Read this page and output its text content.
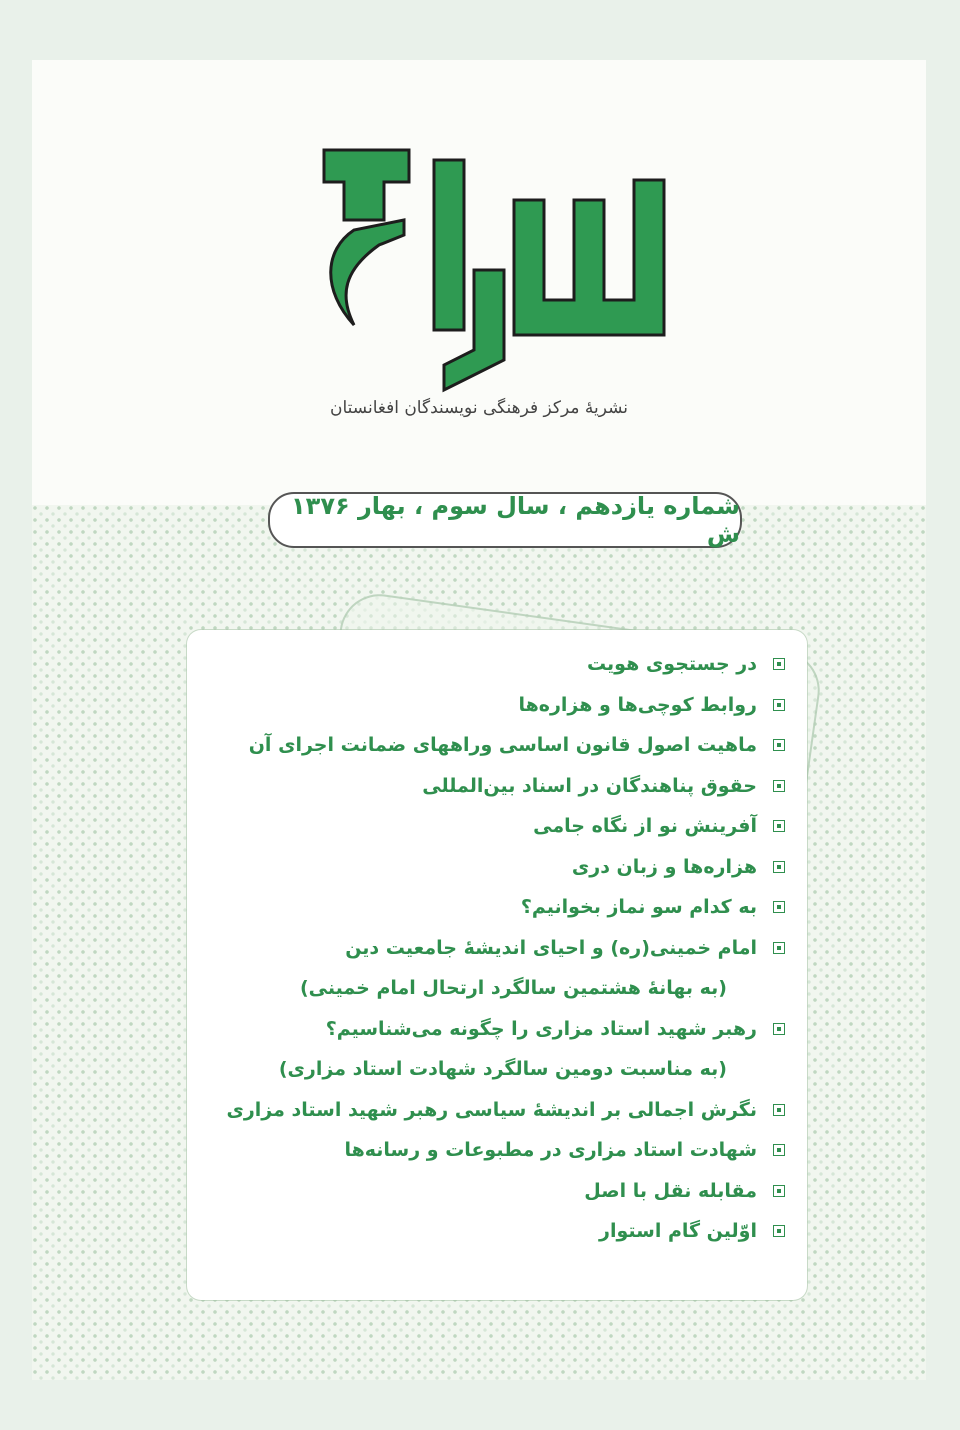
نشریهٔ مرکز فرهنگی نویسندگان افغانستان
شماره یازدهم ، سال سوم ، بهار ۱۳۷۶ ش
در جستجوی هویت
روابط کوچی‌ها و هزاره‌ها
ماهیت اصول قانون اساسی وراههای ضمانت اجرای آن
حقوق پناهندگان در اسناد بین‌المللی
آفرینش نو از نگاه جامی
هزاره‌ها و زبان دری
به کدام سو نماز بخوانیم؟
امام خمینی(ره) و احیای اندیشهٔ جامعیت دین
(به بهانهٔ هشتمین سالگرد ارتحال امام خمینی)
رهبر شهید استاد مزاری را چگونه می‌شناسیم؟
(به مناسبت دومین سالگرد شهادت استاد مزاری)
نگرش اجمالی بر اندیشهٔ سیاسی رهبر شهید استاد مزاری
شهادت استاد مزاری در مطبوعات و رسانه‌ها
مقابله نقل با اصل
اوّلین گام استوار
